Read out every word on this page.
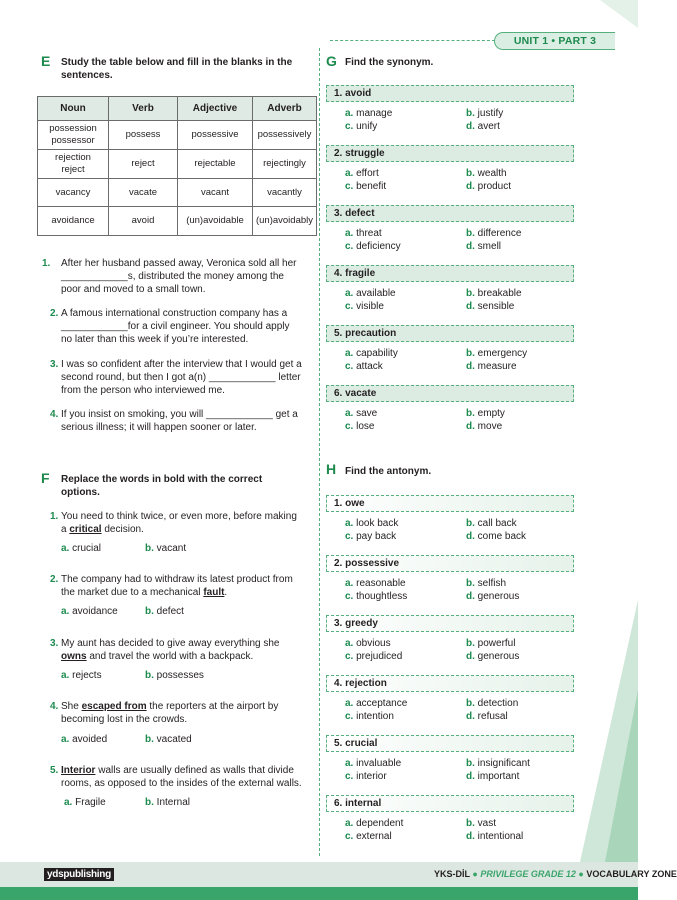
UNIT 1 • PART 3
E Study the table below and fill in the blanks in the
sentences.
Noun	Verb	Adjective	Adverb
possession
possessor	possess	possessive	possessively
rejection
reject	reject	rejectable	rejectingly
vacancy	vacate	vacant	vacantly
avoidance	avoid	(un)avoidable	(un)avoidably
1. After her husband passed away, Veronica sold all her
____________s, distributed the money among the
poor and moved to a small town.
2. A famous international construction company has a
____________for a civil engineer. You should apply
no later than this week if you’re interested.
3. I was so confident after the interview that I would get a
second round, but then I got a(n) ____________ letter
from the person who interviewed me.
4. If you insist on smoking, you will ____________ get a
serious illness; it will happen sooner or later.
F Replace the words in bold with the correct
options.
1. You need to think twice, or even more, before making
a critical decision.
a. crucial	b. vacant
2. The company had to withdraw its latest product from
the market due to a mechanical fault.
a. avoidance	b. defect
3. My aunt has decided to give away everything she
owns and travel the world with a backpack.
a. rejects	b. possesses
4. She escaped from the reporters at the airport by
becoming lost in the crowds.
a. avoided	b. vacated
5. Interior walls are usually defined as walls that divide
rooms, as opposed to the insides of the external walls.
a. Fragile	b. Internal
G Find the synonym.
1. avoid
a. manage	b. justify
c. unify	d. avert
2. struggle
a. effort	b. wealth
c. benefit	d. product
3. defect
a. threat	b. difference
c. deficiency	d. smell
4. fragile
a. available	b. breakable
c. visible	d. sensible
5. precaution
a. capability	b. emergency
c. attack	d. measure
6. vacate
a. save	b. empty
c. lose	d. move
H Find the antonym.
1. owe
a. look back	b. call back
c. pay back	d. come back
2. possessive
a. reasonable	b. selfish
c. thoughtless	d. generous
3. greedy
a. obvious	b. powerful
c. prejudiced	d. generous
4. rejection
a. acceptance	b. detection
c. intention	d. refusal
5. crucial
a. invaluable	b. insignificant
c. interior	d. important
6. internal
a. dependent	b. vast
c. external	d. intentional
ydspublishing	YKS-DİL ● PRIVILEGE GRADE 12 ● VOCABULARY ZONE
